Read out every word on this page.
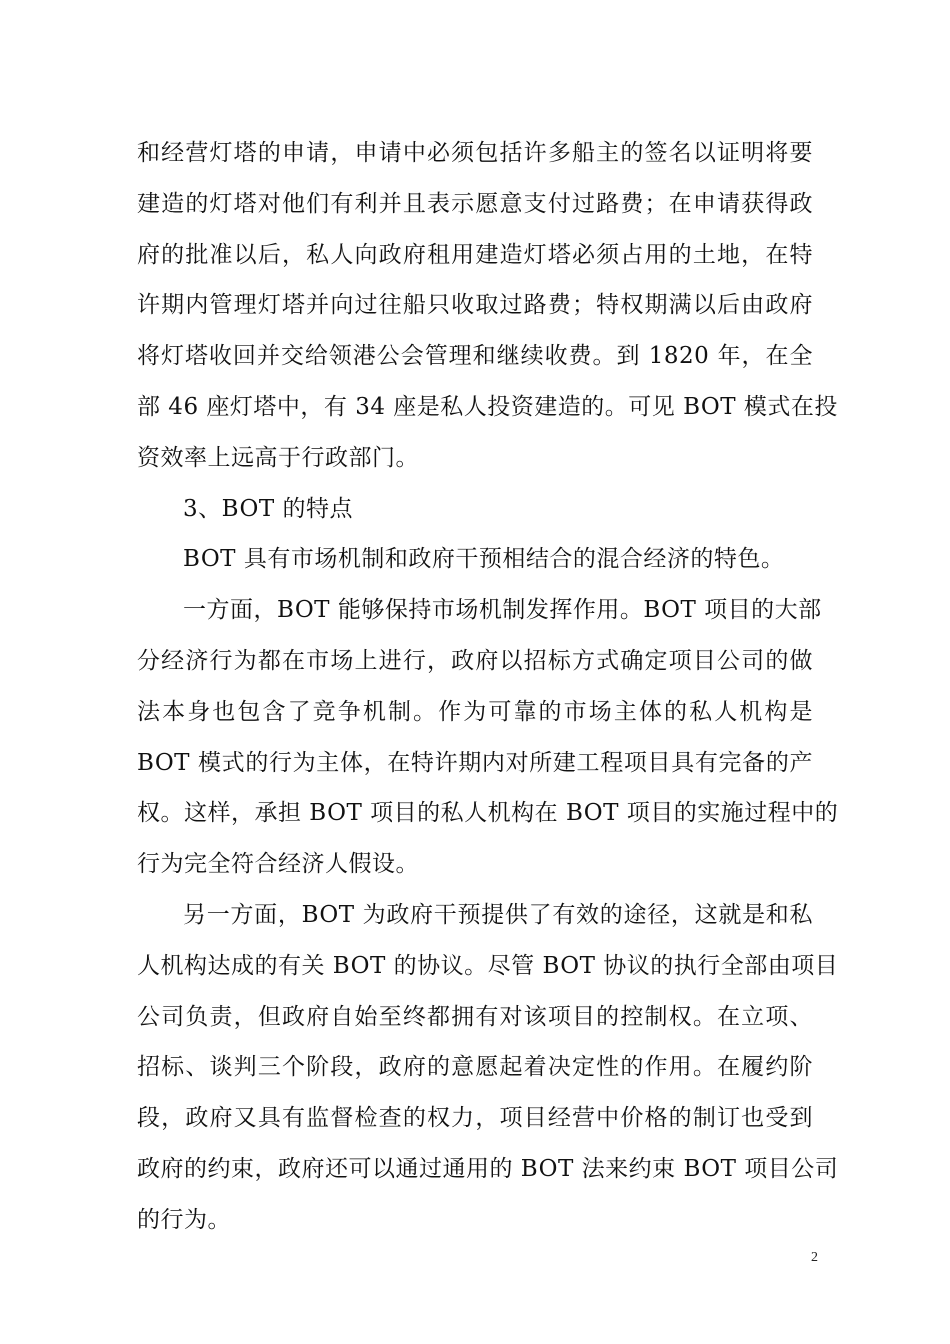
和经营灯塔的申请，申请中必须包括许多船主的签名以证明将要
建造的灯塔对他们有利并且表示愿意支付过路费；在申请获得政
府的批准以后，私人向政府租用建造灯塔必须占用的土地，在特
许期内管理灯塔并向过往船只收取过路费；特权期满以后由政府
将灯塔收回并交给领港公会管理和继续收费。到 1820 年，在全
部 46 座灯塔中，有 34 座是私人投资建造的。可见 BOT 模式在投
资效率上远高于行政部门。
3、BOT 的特点
BOT 具有市场机制和政府干预相结合的混合经济的特色。
一方面，BOT 能够保持市场机制发挥作用。BOT 项目的大部
分经济行为都在市场上进行，政府以招标方式确定项目公司的做
法本身也包含了竞争机制。作为可靠的市场主体的私人机构是
BOT 模式的行为主体，在特许期内对所建工程项目具有完备的产
权。这样，承担 BOT 项目的私人机构在 BOT 项目的实施过程中的
行为完全符合经济人假设。
另一方面，BOT 为政府干预提供了有效的途径，这就是和私
人机构达成的有关 BOT 的协议。尽管 BOT 协议的执行全部由项目
公司负责，但政府自始至终都拥有对该项目的控制权。在立项、
招标、谈判三个阶段，政府的意愿起着决定性的作用。在履约阶
段，政府又具有监督检查的权力，项目经营中价格的制订也受到
政府的约束，政府还可以通过通用的 BOT 法来约束 BOT 项目公司
的行为。
2
